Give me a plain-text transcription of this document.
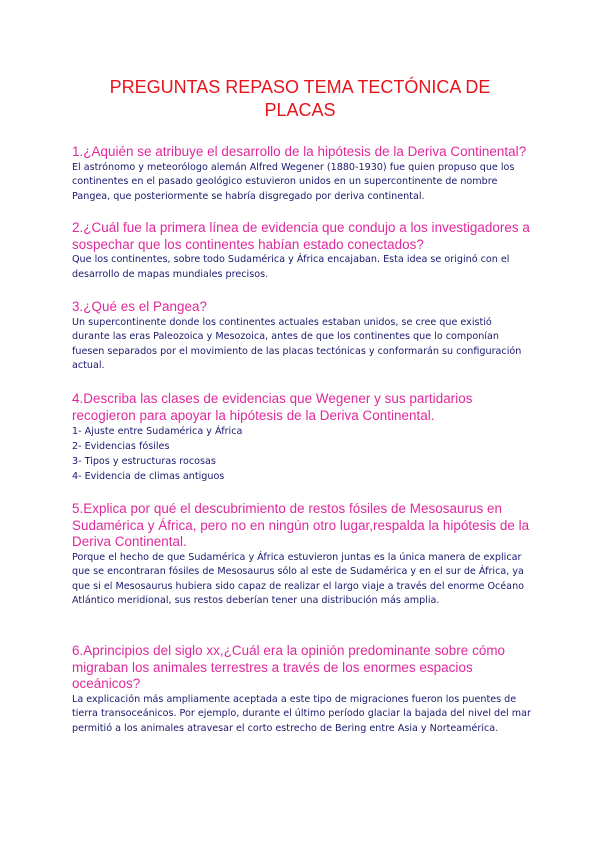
PREGUNTAS REPASO TEMA TECTÓNICA DE
PLACAS

1.¿Aquién se atribuye el desarrollo de la hipótesis de la Deriva Continental?

El astrónomo y meteorólogo alemán Alfred Wegener (1880-1930) fue quien propuso que los continentes en el pasado geológico estuvieron unidos en un supercontinente de nombre Pangea, que posteriormente se habría disgregado por deriva continental.

2.¿Cuál fue la primera línea de evidencia que condujo a los investigadores a sospechar que los continentes habían estado conectados?

Que los continentes, sobre todo Sudamérica y África encajaban. Esta idea se originó con el desarrollo de mapas mundiales precisos.

3.¿Qué es el Pangea?

Un supercontinente donde los continentes actuales estaban unidos, se cree que existió durante las eras Paleozoica y Mesozoica, antes de que los continentes que lo componían fuesen separados por el movimiento de las placas tectónicas y conformarán su configuración actual.

4.Describa las clases de evidencias que Wegener y sus partidarios recogieron para apoyar la hipótesis de la Deriva Continental.

1- Ajuste entre Sudamérica y África
2- Evidencias fósiles
3- Tipos y estructuras rocosas
4- Evidencia de climas antiguos

5.Explica por qué el descubrimiento de restos fósiles de Mesosaurus en Sudamérica y África, pero no en ningún otro lugar,respalda la hipótesis de la Deriva Continental.

Porque el hecho de que Sudamérica y África estuvieron juntas es la única manera de explicar que se encontraran fósiles de Mesosaurus sólo al este de Sudamérica y en el sur de África, ya que si el Mesosaurus hubiera sido capaz de realizar el largo viaje a través del enorme Océano Atlántico meridional, sus restos deberían tener una distribución más amplia.

6.Aprincipios del siglo xx,¿Cuál era la opinión predominante sobre cómo migraban los animales terrestres a través de los enormes espacios oceánicos?

La explicación más ampliamente aceptada a este tipo de migraciones fueron los puentes de tierra transoceánicos. Por ejemplo, durante el último período glaciar la bajada del nivel del mar permitió a los animales atravesar el corto estrecho de Bering entre Asia y Norteamérica.
